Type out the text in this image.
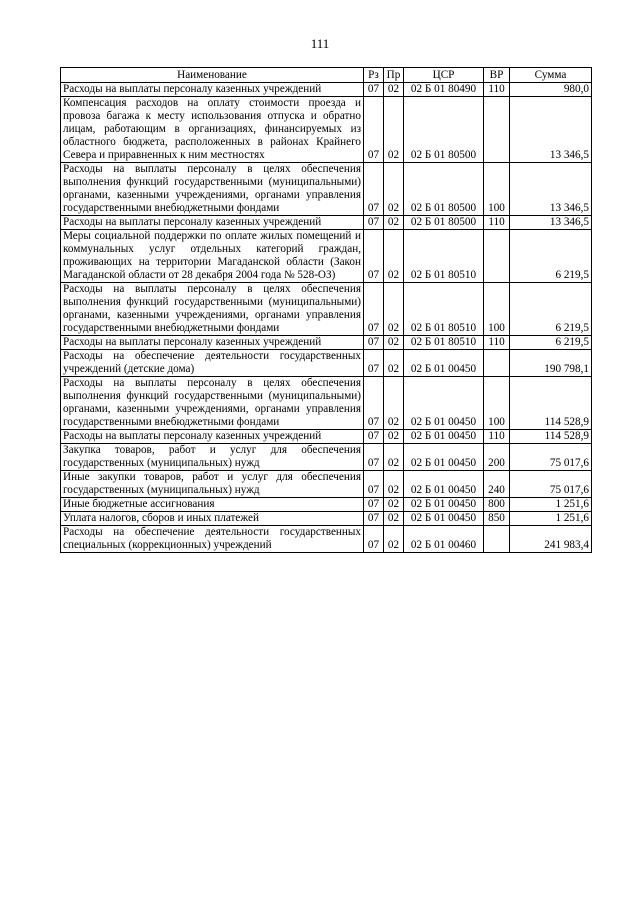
111
Наименование	Рз	Пр	ЦСР	ВР	Сумма
Расходы на выплаты персоналу казенных учреждений	07	02	02 Б 01 80490	110	980,0
Компенсация расходов на оплату стоимости проезда и провоза багажа к месту использования отпуска и обратно лицам, работающим в организациях, финансируемых из областного бюджета, расположенных в районах Крайнего Севера и приравненных к ним местностях	07	02	02 Б 01 80500		13 346,5
Расходы на выплаты персоналу в целях обеспечения выполнения функций государственными (муниципальными) органами, казенными учреждениями, органами управления государственными внебюджетными фондами	07	02	02 Б 01 80500	100	13 346,5
Расходы на выплаты персоналу казенных учреждений	07	02	02 Б 01 80500	110	13 346,5
Меры социальной поддержки по оплате жилых помещений и коммунальных услуг отдельных категорий граждан, проживающих на территории Магаданской области (Закон Магаданской области от 28 декабря 2004 года № 528-ОЗ)	07	02	02 Б 01 80510		6 219,5
Расходы на выплаты персоналу в целях обеспечения выполнения функций государственными (муниципальными) органами, казенными учреждениями, органами управления государственными внебюджетными фондами	07	02	02 Б 01 80510	100	6 219,5
Расходы на выплаты персоналу казенных учреждений	07	02	02 Б 01 80510	110	6 219,5
Расходы на обеспечение деятельности государственных учреждений (детские дома)	07	02	02 Б 01 00450		190 798,1
Расходы на выплаты персоналу в целях обеспечения выполнения функций государственными (муниципальными) органами, казенными учреждениями, органами управления государственными внебюджетными фондами	07	02	02 Б 01 00450	100	114 528,9
Расходы на выплаты персоналу казенных учреждений	07	02	02 Б 01 00450	110	114 528,9
Закупка товаров, работ и услуг для обеспечения государственных (муниципальных) нужд	07	02	02 Б 01 00450	200	75 017,6
Иные закупки товаров, работ и услуг для обеспечения государственных (муниципальных) нужд	07	02	02 Б 01 00450	240	75 017,6
Иные бюджетные ассигнования	07	02	02 Б 01 00450	800	1 251,6
Уплата налогов, сборов и иных платежей	07	02	02 Б 01 00450	850	1 251,6
Расходы на обеспечение деятельности государственных специальных (коррекционных) учреждений	07	02	02 Б 01 00460		241 983,4
